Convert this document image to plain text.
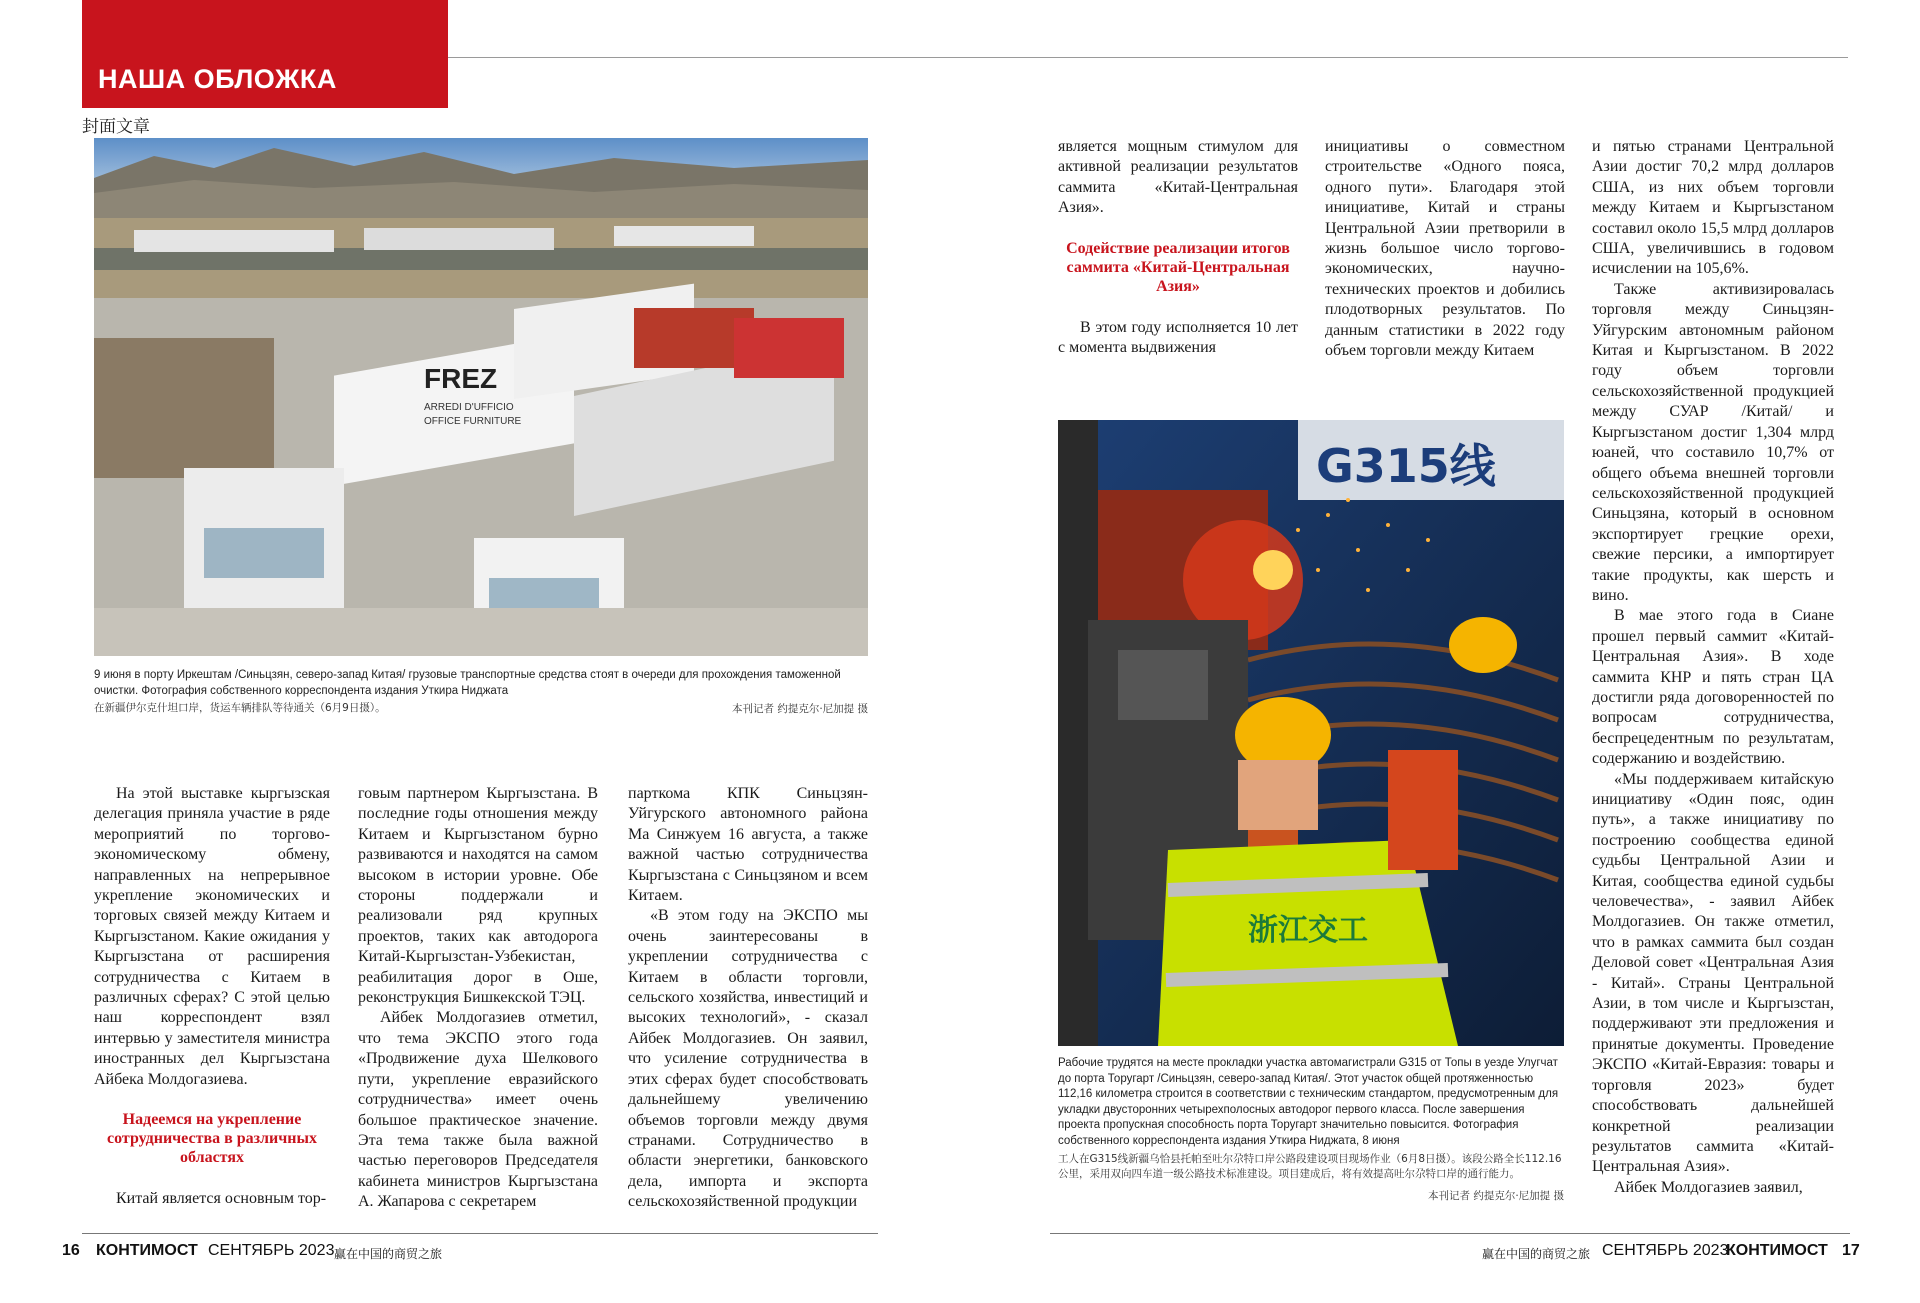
НАША ОБЛОЖКА
封面文章
FREZ
ARREDI D'UFFICIO
OFFICE FURNITURE
9 июня в порту Иркештам /Синьцзян, северо-запад Китая/ грузовые транспортные средства стоят в очереди для прохождения таможенной очистки. Фотография собственного корреспондента издания Уткира Ниджата
在新疆伊尔克什坦口岸，货运车辆排队等待通关（6月9日摄）。	本刊记者 约提克尔·尼加提 摄

На этой выставке кыргызская делегация приняла участие в ряде мероприятий по торгово-экономическому обмену, направленных на непрерывное укрепление экономических и торговых связей между Китаем и Кыргызстаном. Какие ожидания у Кыргызстана от расширения сотрудничества с Китаем в различных сферах? С этой целью наш корреспондент взял интервью у заместителя министра иностранных дел Кыргызстана Айбека Молдогазиева.

Надеемся на укрепление сотрудничества в различных областях

Китай является основным тор-

говым партнером Кыргызстана. В последние годы отношения между Китаем и Кыргызстаном бурно развиваются и находятся на самом высоком в истории уровне. Обе стороны поддержали и реализовали ряд крупных проектов, таких как автодорога Китай-Кыргызстан-Узбекистан, реабилитация дорог в Оше, реконструкция Бишкекской ТЭЦ.

Айбек Молдогазиев отметил, что тема ЭКСПО этого года «Продвижение духа Шелкового пути, укрепление евразийского сотрудничества» имеет очень большое практическое значение. Эта тема также была важной частью переговоров Председателя кабинета министров Кыргызстана А. Жапарова с секретарем

парткома КПК Синьцзян-Уйгурского автономного района Ма Синжуем 16 августа, а также важной частью сотрудничества Кыргызстана с Синьцзяном и всем Китаем.

«В этом году на ЭКСПО мы очень заинтересованы в укреплении сотрудничества с Китаем в области торговли, сельского хозяйства, инвестиций и высоких технологий», - сказал Айбек Молдогазиев. Он заявил, что усиление сотрудничества в этих сферах будет способствовать дальнейшему увеличению объемов торговли между двумя странами. Сотрудничество в области энергетики, банковского дела, импорта и экспорта сельскохозяйственной продукции

является мощным стимулом для активной реализации результатов саммита «Китай-Центральная Азия».

Содействие реализации итогов саммита «Китай-Центральная Азия»

В этом году исполняется 10 лет с момента выдвижения

инициативы о совместном строительстве «Одного пояса, одного пути». Благодаря этой инициативе, Китай и страны Центральной Азии претворили в жизнь большое число торгово-экономических, научно-технических проектов и добились плодотворных результатов. По данным статистики в 2022 году объем торговли между Китаем

и пятью странами Центральной Азии достиг 70,2 млрд долларов США, из них объем торговли между Китаем и Кыргызстаном составил около 15,5 млрд долларов США, увеличившись в годовом исчислении на 105,6%.

Также активизировалась торговля между Синьцзян-Уйгурским автономным районом Китая и Кыргызстаном. В 2022 году объем торговли сельскохозяйственной продукцией между СУАР /Китай/ и Кыргызстаном достиг 1,304 млрд юаней, что составило 10,7% от общего объема внешней торговли сельскохозяйственной продукцией Синьцзяна, который в основном экспортирует грецкие орехи, свежие персики, а импортирует такие продукты, как шерсть и вино.

В мае этого года в Сиане прошел первый саммит «Китай-Центральная Азия». В ходе саммита КНР и пять стран ЦА достигли ряда договоренностей по вопросам сотрудничества, беспрецедентным по результатам, содержанию и воздействию.

«Мы поддерживаем китайскую инициативу «Один пояс, один путь», а также инициативу по построению сообщества единой судьбы Центральной Азии и Китая, сообщества единой судьбы человечества», - заявил Айбек Молдогазиев. Он также отметил, что в рамках саммита был создан Деловой совет «Центральная Азия - Китай». Страны Центральной Азии, в том числе и Кыргызстан, поддерживают эти предложения и принятые документы. Проведение ЭКСПО «Китай-Евразия: товары и торговля 2023» будет способствовать дальнейшей конкретной реализации результатов саммита «Китай-Центральная Азия».

Айбек Молдогазиев заявил,

G315线
浙江交工
Рабочие трудятся на месте прокладки участка автомагистрали G315 от Топы в уезде Улугчат до порта Торугарт /Синьцзян, северо-запад Китая/. Этот участок общей протяженностью 112,16 километра строится в соответствии с техническим стандартом, предусмотренным для укладки двусторонних четырехполосных автодорог первого класса. После завершения проекта пропускная способность порта Торугарт значительно повысится. Фотография собственного корреспондента издания Уткира Ниджата, 8 июня
工人在G315线新疆乌恰县托帕至吐尔尕特口岸公路段建设项目现场作业（6月8日摄）。该段公路全长112.16公里，采用双向四车道一级公路技术标准建设。项目建成后，将有效提高吐尔尕特口岸的通行能力。
本刊记者 约提克尔·尼加提 摄
16 КОНТИМОСТ СЕНТЯБРЬ 2023 赢在中国的商贸之旅	赢在中国的商贸之旅 СЕНТЯБРЬ 2023
КОНТИМОСТ 17
